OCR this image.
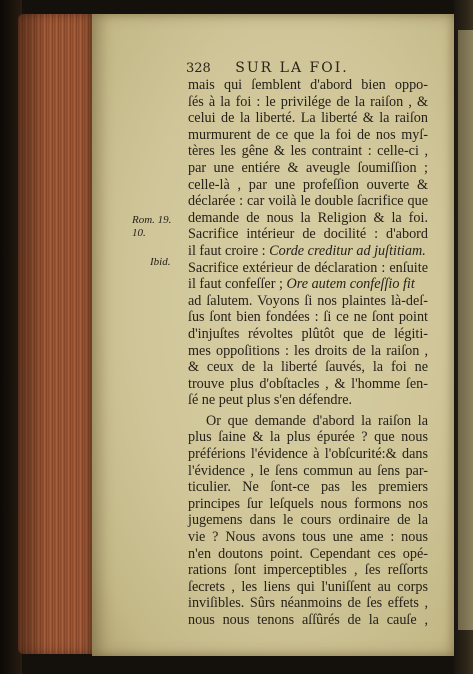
328 SUR LA FOI.
Rom. 19.
10.
Ibid.
mais qui ſemblent d'abord bien oppo-
ſés à la foi : le privilége de la raiſon , &
celui de la liberté. La liberté & la raiſon
murmurent de ce que la foi de nos myſ-
tères les gêne & les contraint : celle-ci ,
par une entiére & aveugle ſoumiſſion ;
celle-là , par une profeſſion ouverte &
déclarée : car voilà le double ſacrifice que
demande de nous la Religion & la foi.
Sacrifice intérieur de docilité : d'abord
il faut croire : Corde creditur ad juſtitiam.
Sacrifice extérieur de déclaration : enſuite
il faut confeſſer ; Ore autem confeſſio fit
ad ſalutem. Voyons ſi nos plaintes là-deſ-
ſus ſont bien fondées : ſi ce ne ſont point
d'injuſtes révoltes plûtôt que de légiti-
mes oppoſitions : les droits de la raiſon ,
& ceux de la liberté ſauvés, la foi ne
trouve plus d'obſtacles , & l'homme ſen-
ſé ne peut plus s'en défendre.
Or que demande d'abord la raiſon la
plus ſaine & la plus épurée ? que nous
préférions l'évidence à l'obſcurité:& dans
l'évidence , le ſens commun au ſens par-
ticulier. Ne ſont-ce pas les premiers
principes ſur leſquels nous formons nos
jugemens dans le cours ordinaire de la
vie ? Nous avons tous une ame : nous
n'en doutons point. Cependant ces opé-
rations ſont imperceptibles , ſes reſſorts
ſecrets , les liens qui l'uniſſent au corps
inviſibles. Sûrs néanmoins de ſes effets ,
nous nous tenons aſſûrés de la cauſe ,
